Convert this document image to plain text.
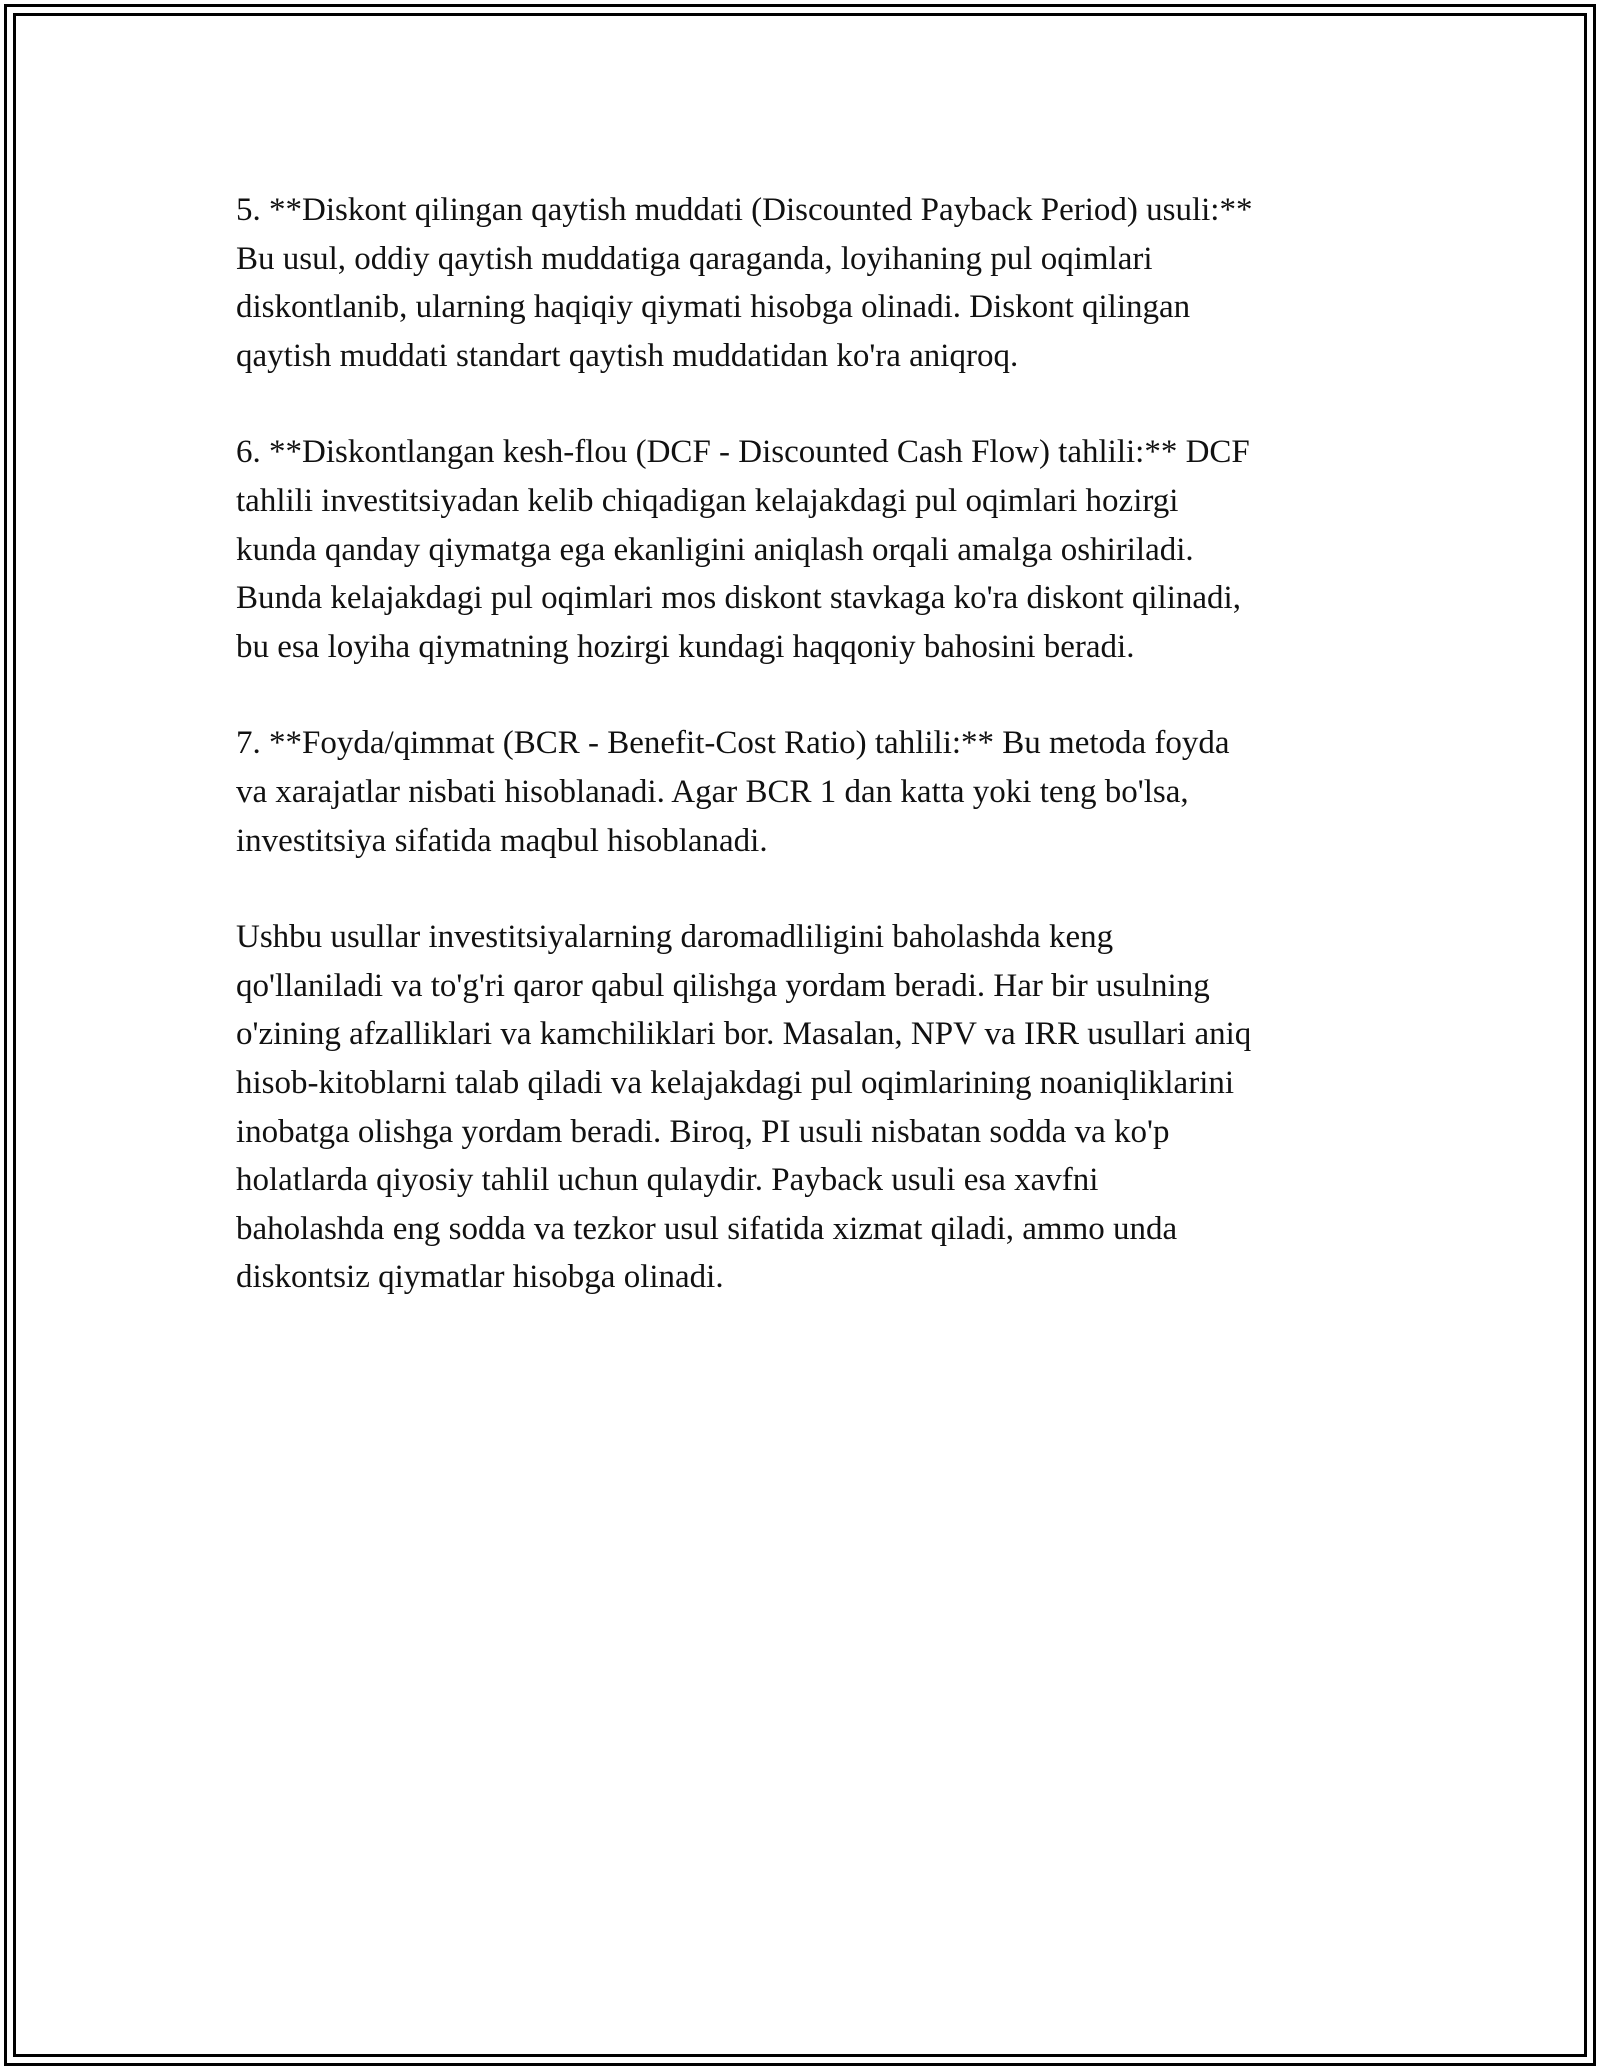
5. **Diskont qilingan qaytish muddati (Discounted Payback Period) usuli:**
Bu usul, oddiy qaytish muddatiga qaraganda, loyihaning pul oqimlari
diskontlanib, ularning haqiqiy qiymati hisobga olinadi. Diskont qilingan
qaytish muddati standart qaytish muddatidan ko'ra aniqroq.

6. **Diskontlangan kesh-flou (DCF - Discounted Cash Flow) tahlili:** DCF
tahlili investitsiyadan kelib chiqadigan kelajakdagi pul oqimlari hozirgi
kunda qanday qiymatga ega ekanligini aniqlash orqali amalga oshiriladi.
Bunda kelajakdagi pul oqimlari mos diskont stavkaga ko'ra diskont qilinadi,
bu esa loyiha qiymatning hozirgi kundagi haqqoniy bahosini beradi.

7. **Foyda/qimmat (BCR - Benefit-Cost Ratio) tahlili:** Bu metoda foyda
va xarajatlar nisbati hisoblanadi. Agar BCR 1 dan katta yoki teng bo'lsa,
investitsiya sifatida maqbul hisoblanadi.

Ushbu usullar investitsiyalarning daromadliligini baholashda keng
qo'llaniladi va to'g'ri qaror qabul qilishga yordam beradi. Har bir usulning
o'zining afzalliklari va kamchiliklari bor. Masalan, NPV va IRR usullari aniq
hisob-kitoblarni talab qiladi va kelajakdagi pul oqimlarining noaniqliklarini
inobatga olishga yordam beradi. Biroq, PI usuli nisbatan sodda va ko'p
holatlarda qiyosiy tahlil uchun qulaydir. Payback usuli esa xavfni
baholashda eng sodda va tezkor usul sifatida xizmat qiladi, ammo unda
diskontsiz qiymatlar hisobga olinadi.
